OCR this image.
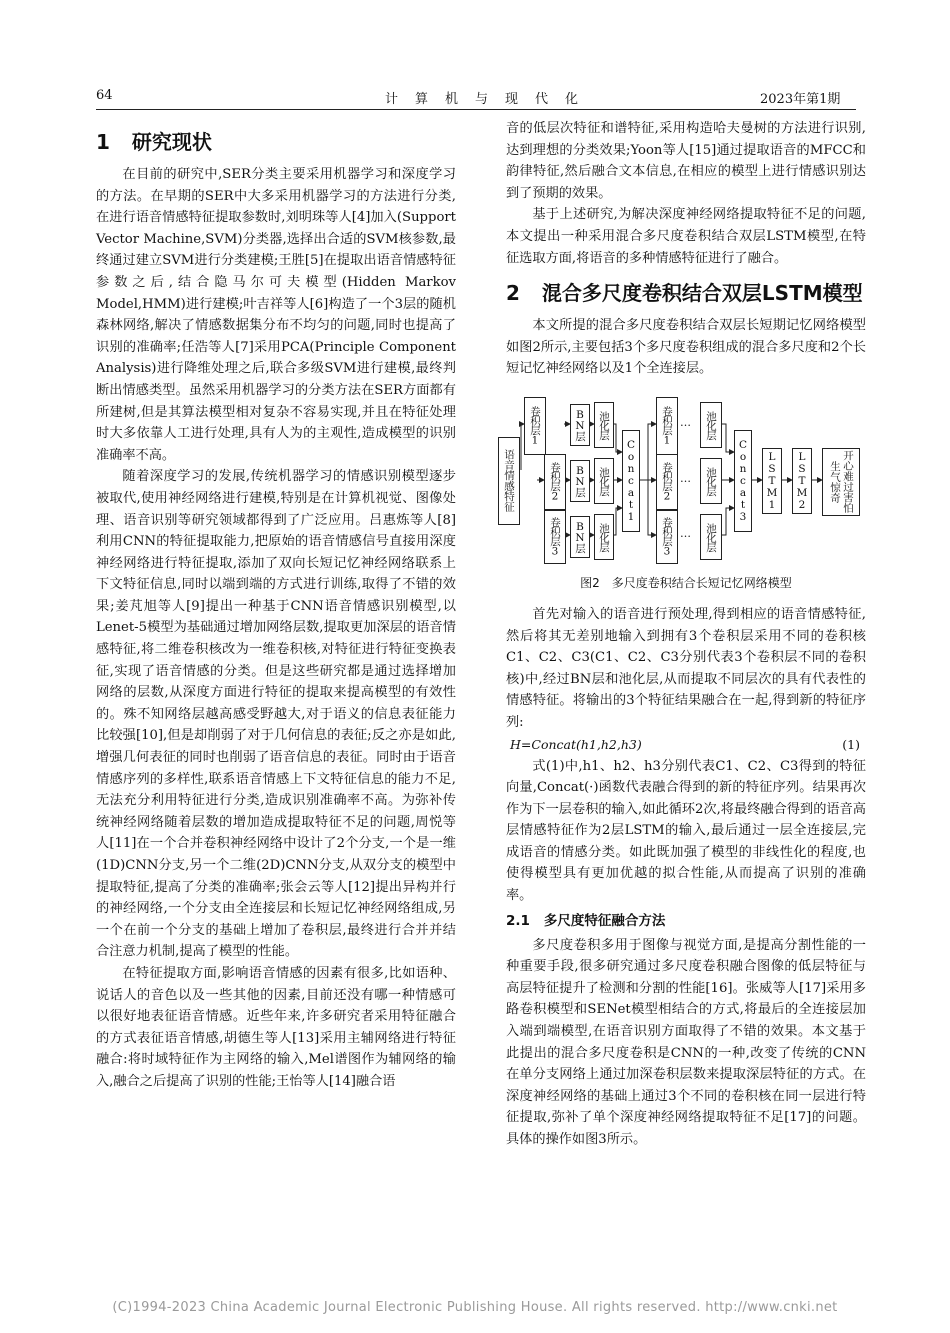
64	计　算　机　与　现　代　化	2023年第1期
1 研究现状

在目前的研究中,SER分类主要采用机器学习和深度学习的方法。在早期的SER中大多采用机器学习的方法进行分类,在进行语音情感特征提取参数时,刘明珠等人[4]加入(Support Vector Machine,SVM)分类器,选择出合适的SVM核参数,最终通过建立SVM进行分类建模;王胜[5]在提取出语音情感特征参数之后,结合隐马尔可夫模型(Hidden Markov Model,HMM)进行建模;叶吉祥等人[6]构造了一个3层的随机森林网络,解决了情感数据集分布不均匀的问题,同时也提高了识别的准确率;任浩等人[7]采用PCA(Principle Component Analysis)进行降维处理之后,联合多级SVM进行建模,最终判断出情感类型。虽然采用机器学习的分类方法在SER方面都有所建树,但是其算法模型相对复杂不容易实现,并且在特征处理时大多依靠人工进行处理,具有人为的主观性,造成模型的识别准确率不高。

随着深度学习的发展,传统机器学习的情感识别模型逐步被取代,使用神经网络进行建模,特别是在计算机视觉、图像处理、语音识别等研究领域都得到了广泛应用。吕惠炼等人[8]利用CNN的特征提取能力,把原始的语音情感信号直接用深度神经网络进行特征提取,添加了双向长短记忆神经网络联系上下文特征信息,同时以端到端的方式进行训练,取得了不错的效果;姜芃旭等人[9]提出一种基于CNN语音情感识别模型,以Lenet-5模型为基础通过增加网络层数,提取更加深层的语音情感特征,将二维卷积核改为一维卷积核,对特征进行特征变换表征,实现了语音情感的分类。但是这些研究都是通过选择增加网络的层数,从深度方面进行特征的提取来提高模型的有效性的。殊不知网络层越高感受野越大,对于语义的信息表征能力比较强[10],但是却削弱了对于几何信息的表征;反之亦是如此,增强几何表征的同时也削弱了语音信息的表征。同时由于语音情感序列的多样性,联系语音情感上下文特征信息的能力不足,无法充分利用特征进行分类,造成识别准确率不高。为弥补传统神经网络随着层数的增加造成提取特征不足的问题,周悦等人[11]在一个合并卷积神经网络中设计了2个分支,一个是一维(1D)CNN分支,另一个二维(2D)CNN分支,从双分支的模型中提取特征,提高了分类的准确率;张会云等人[12]提出异构并行的神经网络,一个分支由全连接层和长短记忆神经网络组成,另一个在前一个分支的基础上增加了卷积层,最终进行合并并结合注意力机制,提高了模型的性能。

在特征提取方面,影响语音情感的因素有很多,比如语种、说话人的音色以及一些其他的因素,目前还没有哪一种情感可以很好地表征语音情感。近些年来,许多研究者采用特征融合的方式表征语音情感,胡德生等人[13]采用主辅网络进行特征融合:将时域特征作为主网络的输入,Mel谱图作为辅网络的输入,融合之后提高了识别的性能;王怡等人[14]融合语

音的低层次特征和谱特征,采用构造哈夫曼树的方法进行识别,达到理想的分类效果;Yoon等人[15]通过提取语音的MFCC和韵律特征,然后融合文本信息,在相应的模型上进行情感识别达到了预期的效果。

基于上述研究,为解决深度神经网络提取特征不足的问题,本文提出一种采用混合多尺度卷积结合双层LSTM模型,在特征选取方面,将语音的多种情感特征进行了融合。

2 混合多尺度卷积结合双层LSTM模型

本文所提的混合多尺度卷积结合双层长短期记忆网络模型如图2所示,主要包括3个多尺度卷积组成的混合多尺度和2个长短记忆神经网络以及1个全连接层。

语音情感特征
卷积层1
卷积层2
卷积层3
BN层
BN层
BN层
池化层
池化层
池化层
Concat1
卷积层1
卷积层2
卷积层3
…
…
…
池化层
池化层
池化层
Concat3	LSTM1	LSTM2	开心难过害怕生气惊奇
图2　多尺度卷积结合长短记忆网络模型

首先对输入的语音进行预处理,得到相应的语音情感特征,然后将其无差别地输入到拥有3个卷积层采用不同的卷积核C1、C2、C3(C1、C2、C3分别代表3个卷积层不同的卷积核)中,经过BN层和池化层,从而提取不同层次的具有代表性的情感特征。将输出的3个特征结果融合在一起,得到新的特征序列:

H=Concat(h1,h2,h3)	(1)

式(1)中,h1、h2、h3分别代表C1、C2、C3得到的特征向量,Concat(·)函数代表融合得到的新的特征序列。结果再次作为下一层卷积的输入,如此循环2次,将最终融合得到的语音高层情感特征作为2层LSTM的输入,最后通过一层全连接层,完成语音的情感分类。如此既加强了模型的非线性化的程度,也使得模型具有更加优越的拟合性能,从而提高了识别的准确率。

2.1 多尺度特征融合方法

多尺度卷积多用于图像与视觉方面,是提高分割性能的一种重要手段,很多研究通过多尺度卷积融合图像的低层特征与高层特征提升了检测和分割的性能[16]。张威等人[17]采用多路卷积模型和SENet模型相结合的方式,将最后的全连接层加入端到端模型,在语音识别方面取得了不错的效果。本文基于此提出的混合多尺度卷积是CNN的一种,改变了传统的CNN在单分支网络上通过加深卷积层数来提取深层特征的方式。在深度神经网络的基础上通过3个不同的卷积核在同一层进行特征提取,弥补了单个深度神经网络提取特征不足[17]的问题。具体的操作如图3所示。

(C)1994-2023 China Academic Journal Electronic Publishing House. All rights reserved. http://www.cnki.net
